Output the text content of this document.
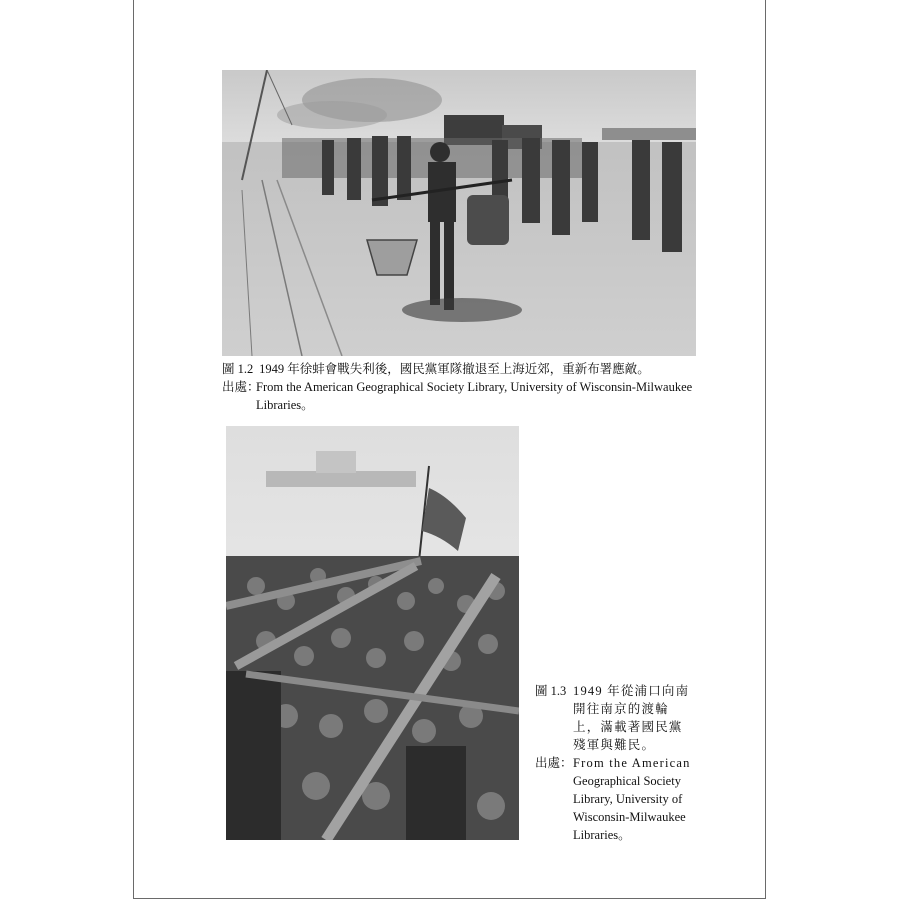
圖 1.2 1949 年徐蚌會戰失利後，國民黨軍隊撤退至上海近郊，重新布署應敵。
出處：From the American Geographical Society Library, University of Wisconsin-Milwaukee
Libraries。
圖 1.3 1949 年從浦口向南
開往南京的渡輪
上，滿載著國民黨
殘軍與難民。
出處：From the American
Geographical Society
Library, University of
Wisconsin-Milwaukee
Libraries。
